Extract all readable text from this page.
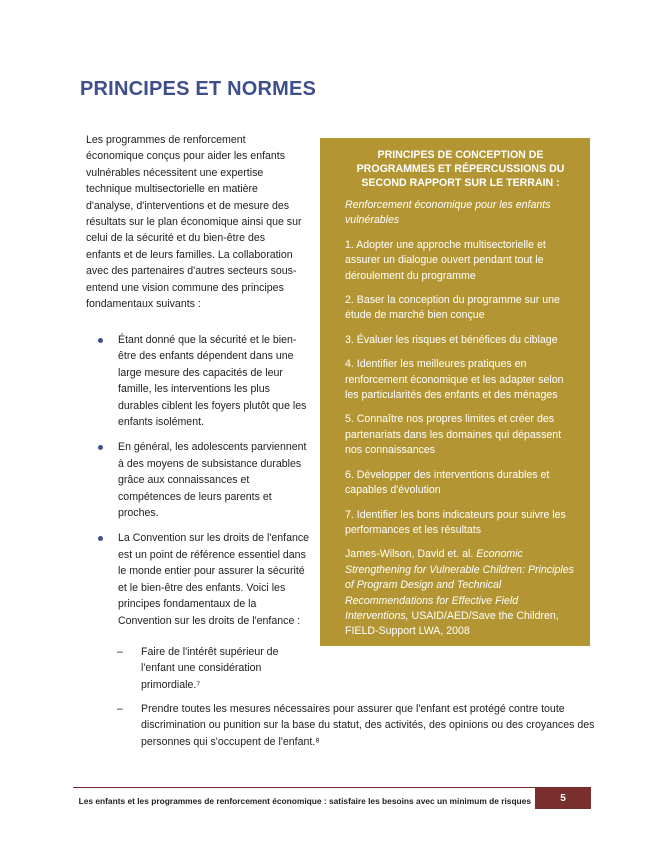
PRINCIPES ET NORMES

Les programmes de renforcement économique conçus pour aider les enfants vulnérables nécessitent une expertise technique multisectorielle en matière d'analyse, d'interventions et de mesure des résultats sur le plan économique ainsi que sur celui de la sécurité et du bien-être des enfants et de leurs familles. La collaboration avec des partenaires d'autres secteurs sous-entend une vision commune des principes fondamentaux suivants :

Étant donné que la sécurité et le bien-être des enfants dépendent dans une large mesure des capacités de leur famille, les interventions les plus durables ciblent les foyers plutôt que les enfants isolément.
En général, les adolescents parviennent à des moyens de subsistance durables grâce aux connaissances et compétences de leurs parents et proches.
La Convention sur les droits de l'enfance est un point de référence essentiel dans le monde entier pour assurer la sécurité et le bien-être des enfants. Voici les principes fondamentaux de la Convention sur les droits de l'enfance :
–	Faire de l'intérêt supérieur de l'enfant une considération primordiale.⁷
–	Prendre toutes les mesures nécessaires pour assurer que l'enfant est protégé contre toute discrimination ou punition sur la base du statut, des activités, des opinions ou des croyances des personnes qui s'occupent de l'enfant.⁸

PRINCIPES DE CONCEPTION DE PROGRAMMES ET RÉPERCUSSIONS DU SECOND RAPPORT SUR LE TERRAIN :

Renforcement économique pour les enfants vulnérables

1. Adopter une approche multisectorielle et assurer un dialogue ouvert pendant tout le déroulement du programme

2. Baser la conception du programme sur une étude de marché bien conçue

3. Évaluer les risques et bénéfices du ciblage

4. Identifier les meilleures pratiques en renforcement économique et les adapter selon les particularités des enfants et des ménages

5. Connaître nos propres limites et créer des partenariats dans les domaines qui dépassent nos connaissances

6. Développer des interventions durables et capables d'évolution

7. Identifier les bons indicateurs pour suivre les performances et les résultats

James-Wilson, David et. al. Economic Strengthening for Vulnerable Children: Principles of Program Design and Technical Recommendations for Effective Field Interventions, USAID/AED/Save the Children, FIELD-Support LWA, 2008

Les enfants et les programmes de renforcement économique : satisfaire les besoins avec un minimum de risques	5
